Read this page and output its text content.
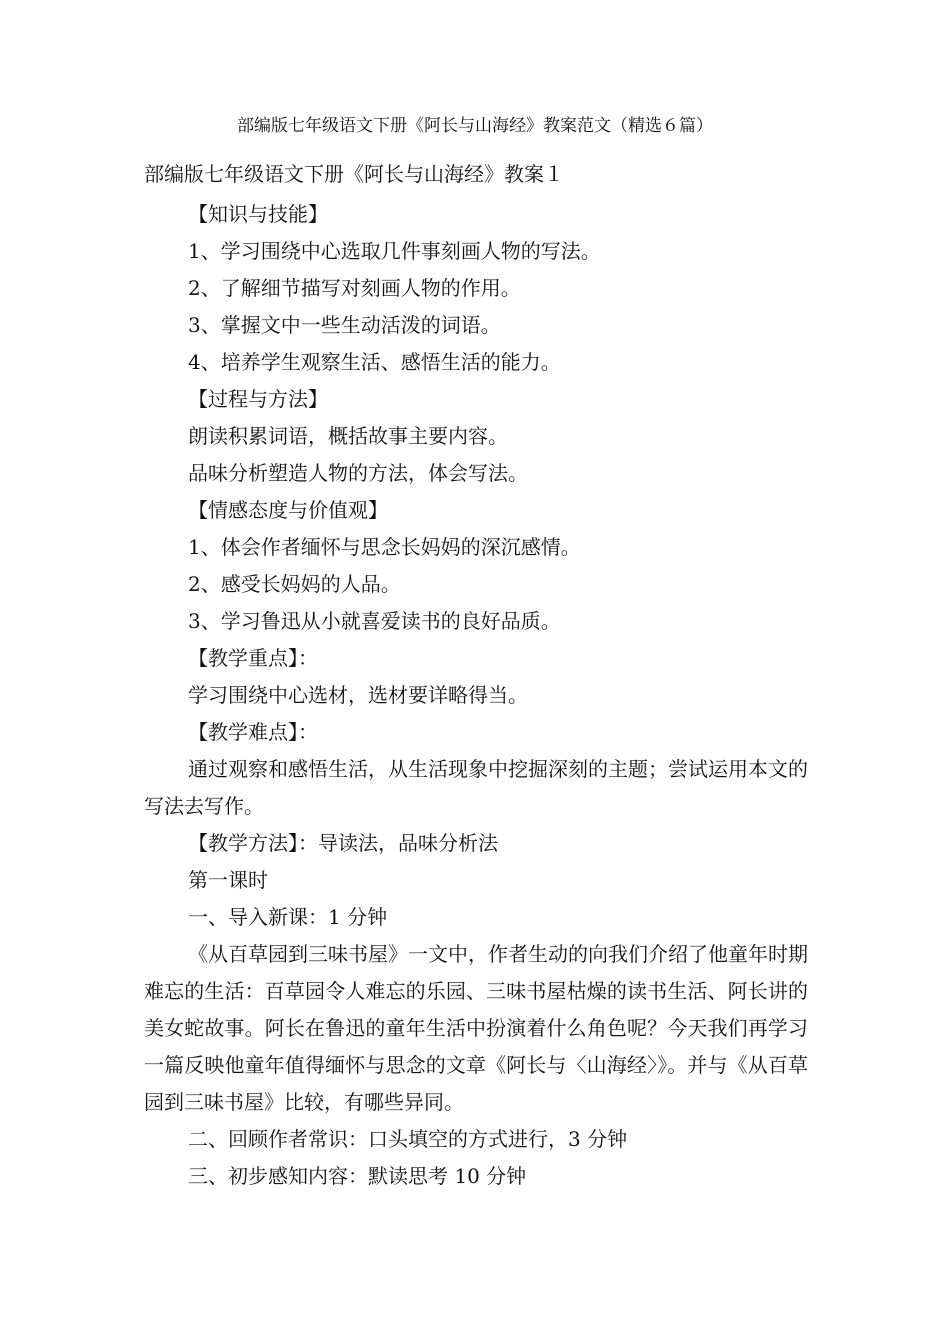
部编版七年级语文下册《阿长与山海经》教案范文（精选６篇）
部编版七年级语文下册《阿长与山海经》教案１

【知识与技能】

1、学习围绕中心选取几件事刻画人物的写法。

2、了解细节描写对刻画人物的作用。

3、掌握文中一些生动活泼的词语。

4、培养学生观察生活、感悟生活的能力。

【过程与方法】

朗读积累词语，概括故事主要内容。

品味分析塑造人物的方法，体会写法。

【情感态度与价值观】

1、体会作者缅怀与思念长妈妈的深沉感情。

2、感受长妈妈的人品。

3、学习鲁迅从小就喜爱读书的良好品质。

【教学重点】：

学习围绕中心选材，选材要详略得当。

【教学难点】：

通过观察和感悟生活，从生活现象中挖掘深刻的主题；尝试运用本文的写法去写作。

【教学方法】：导读法，品味分析法

第一课时

一、导入新课：1 分钟

《从百草园到三味书屋》一文中，作者生动的向我们介绍了他童年时期难忘的生活：百草园令人难忘的乐园、三味书屋枯燥的读书生活、阿长讲的美女蛇故事。阿长在鲁迅的童年生活中扮演着什么角色呢？今天我们再学习一篇反映他童年值得缅怀与思念的文章《阿长与〈山海经〉》。并与《从百草园到三味书屋》比较，有哪些异同。

二、回顾作者常识：口头填空的方式进行，3 分钟

三、初步感知内容：默读思考 10 分钟
